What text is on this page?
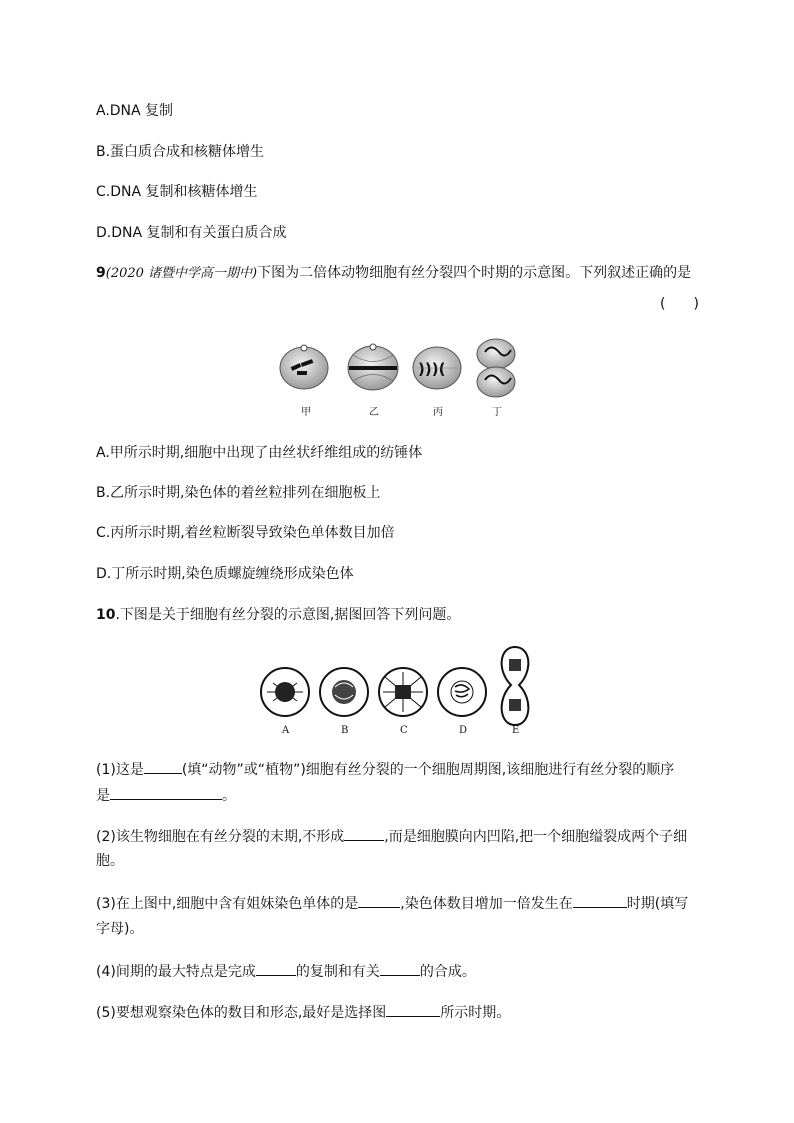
A.DNA 复制
B.蛋白质合成和核糖体增生
C.DNA 复制和核糖体增生
D.DNA 复制和有关蛋白质合成
9(2020 诸暨中学高一期中)下图为二倍体动物细胞有丝分裂四个时期的示意图。下列叙述正确的是
(　　)
)))(
甲	乙	丙	丁
A.甲所示时期,细胞中出现了由丝状纤维组成的纺锤体
B.乙所示时期,染色体的着丝粒排列在细胞板上
C.丙所示时期,着丝粒断裂导致染色单体数目加倍
D.丁所示时期,染色质螺旋缠绕形成染色体
10.下图是关于细胞有丝分裂的示意图,据图回答下列问题。
A	B	C	D	E
(1)这是	(填“动物”或“植物”)细胞有丝分裂的一个细胞周期图,该细胞进行有丝分裂的顺序
是	。
(2)该生物细胞在有丝分裂的末期,不形成	,而是细胞膜向内凹陷,把一个细胞缢裂成两个子细
胞。
(3)在上图中,细胞中含有姐妹染色单体的是	,染色体数目增加一倍发生在	时期(填写
字母)。
(4)间期的最大特点是完成	的复制和有关	的合成。
(5)要想观察染色体的数目和形态,最好是选择图	所示时期。
